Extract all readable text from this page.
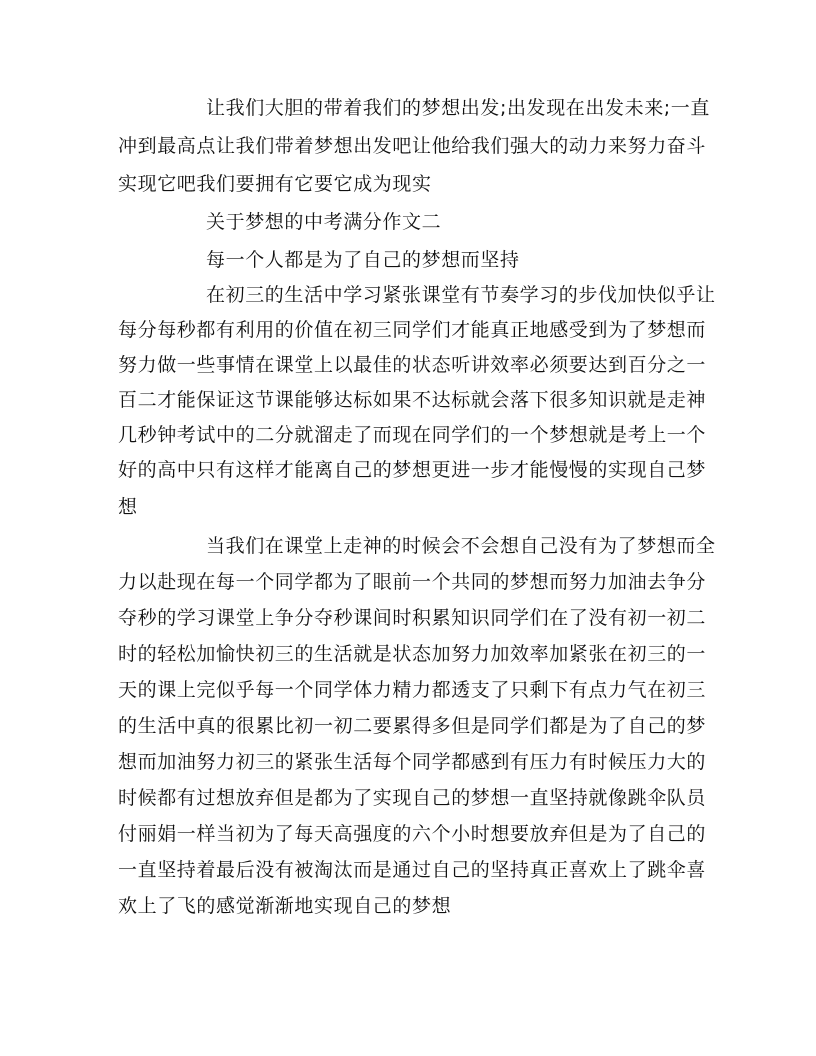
让我们大胆的带着我们的梦想出发;出发现在出发未来;一直
冲到最高点让我们带着梦想出发吧让他给我们强大的动力来努力奋斗
实现它吧我们要拥有它要它成为现实
关于梦想的中考满分作文二
每一个人都是为了自己的梦想而坚持
在初三的生活中学习紧张课堂有节奏学习的步伐加快似乎让
每分每秒都有利用的价值在初三同学们才能真正地感受到为了梦想而
努力做一些事情在课堂上以最佳的状态听讲效率必须要达到百分之一
百二才能保证这节课能够达标如果不达标就会落下很多知识就是走神
几秒钟考试中的二分就溜走了而现在同学们的一个梦想就是考上一个
好的高中只有这样才能离自己的梦想更进一步才能慢慢的实现自己梦
想
当我们在课堂上走神的时候会不会想自己没有为了梦想而全
力以赴现在每一个同学都为了眼前一个共同的梦想而努力加油去争分
夺秒的学习课堂上争分夺秒课间时积累知识同学们在了没有初一初二
时的轻松加愉快初三的生活就是状态加努力加效率加紧张在初三的一
天的课上完似乎每一个同学体力精力都透支了只剩下有点力气在初三
的生活中真的很累比初一初二要累得多但是同学们都是为了自己的梦
想而加油努力初三的紧张生活每个同学都感到有压力有时候压力大的
时候都有过想放弃但是都为了实现自己的梦想一直坚持就像跳伞队员
付丽娟一样当初为了每天高强度的六个小时想要放弃但是为了自己的
一直坚持着最后没有被淘汰而是通过自己的坚持真正喜欢上了跳伞喜
欢上了飞的感觉渐渐地实现自己的梦想
